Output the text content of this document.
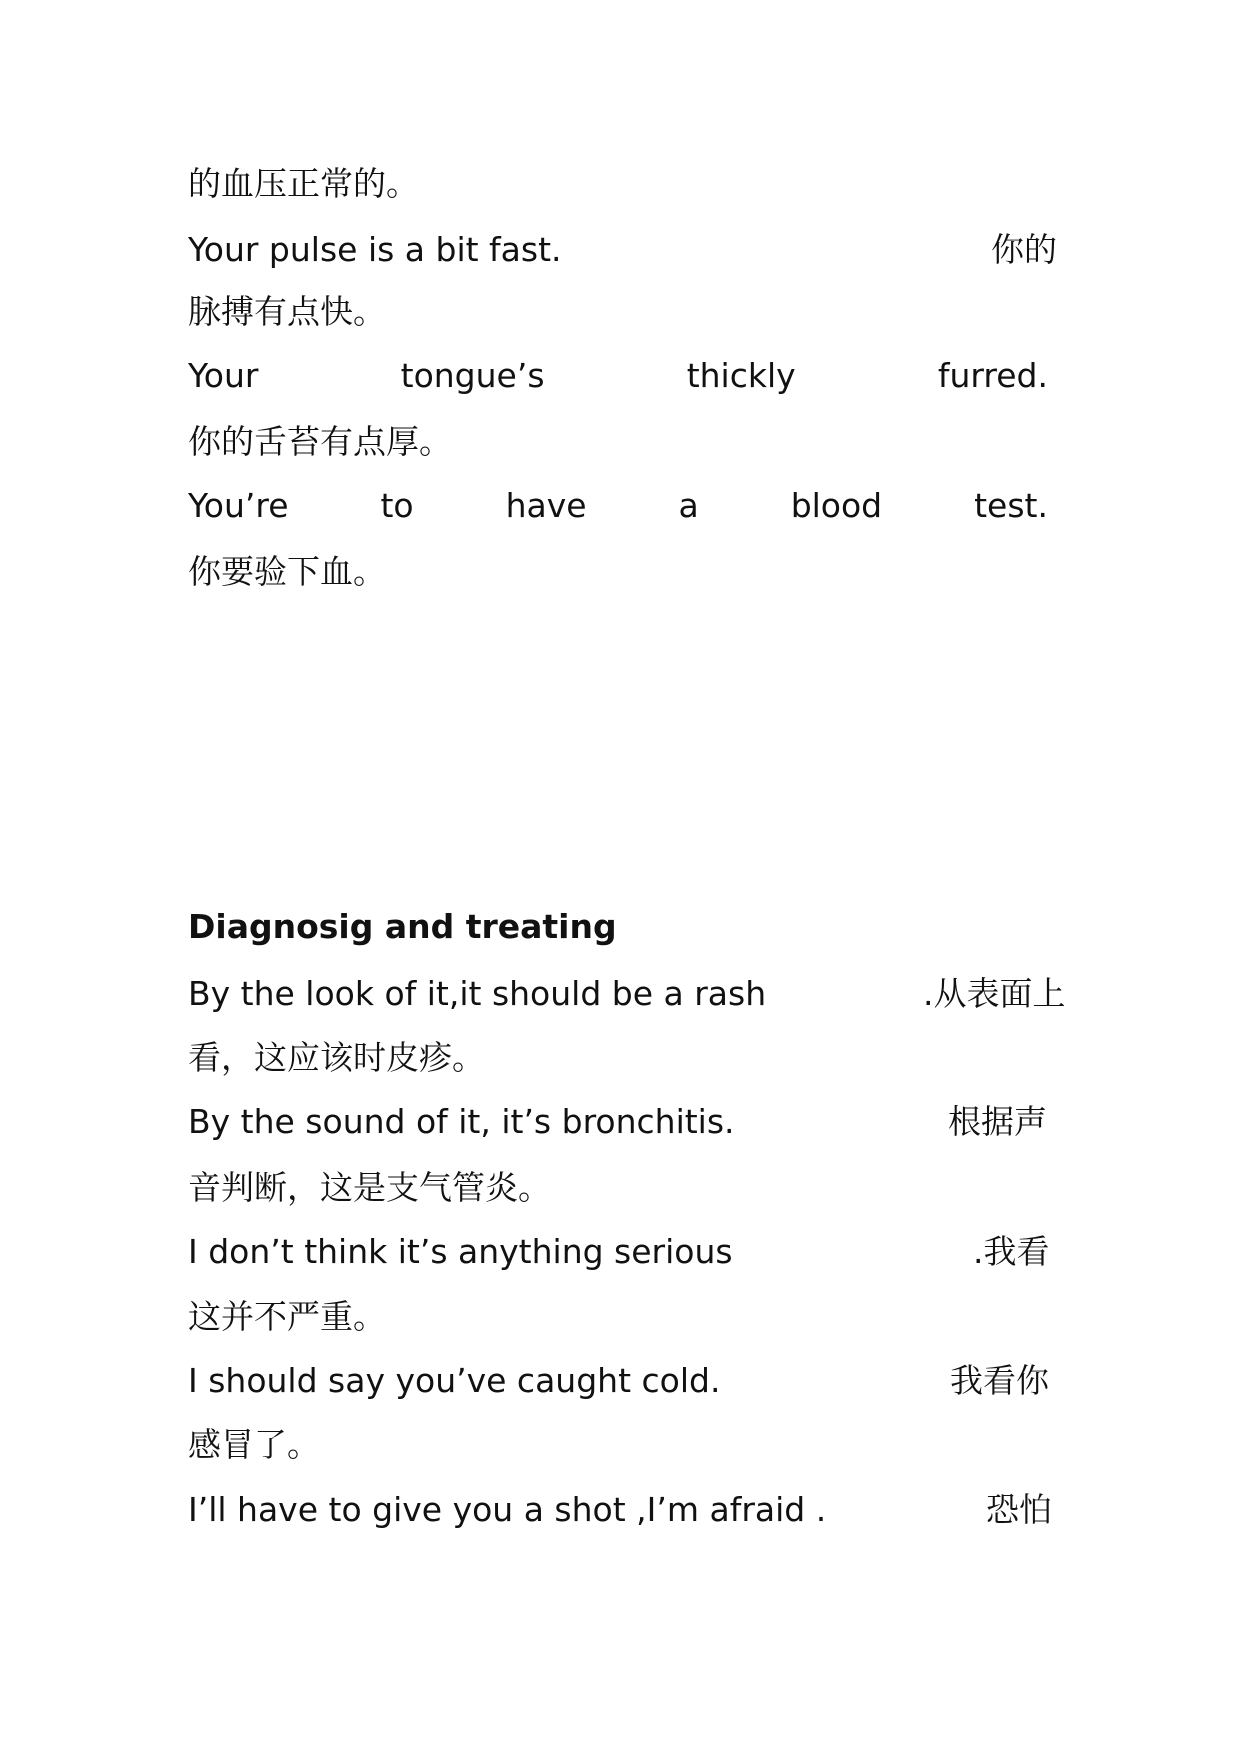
的血压正常的。
Your pulse is a bit fast.	你的
脉搏有点快。
Your	tongue’s	thickly	furred.
你的舌苔有点厚。
You’re	to	have	a	blood	test.
你要验下血。
Diagnosig and treating
By the look of it,it should be a rash	.从表面上
看，这应该时皮疹。
By the sound of it, it’s bronchitis.	根据声
音判断，这是支气管炎。
I don’t think it’s anything serious	.我看
这并不严重。
I should say you’ve caught cold.	我看你
感冒了。
I’ll have to give you a shot ,I’m afraid .	恐怕
